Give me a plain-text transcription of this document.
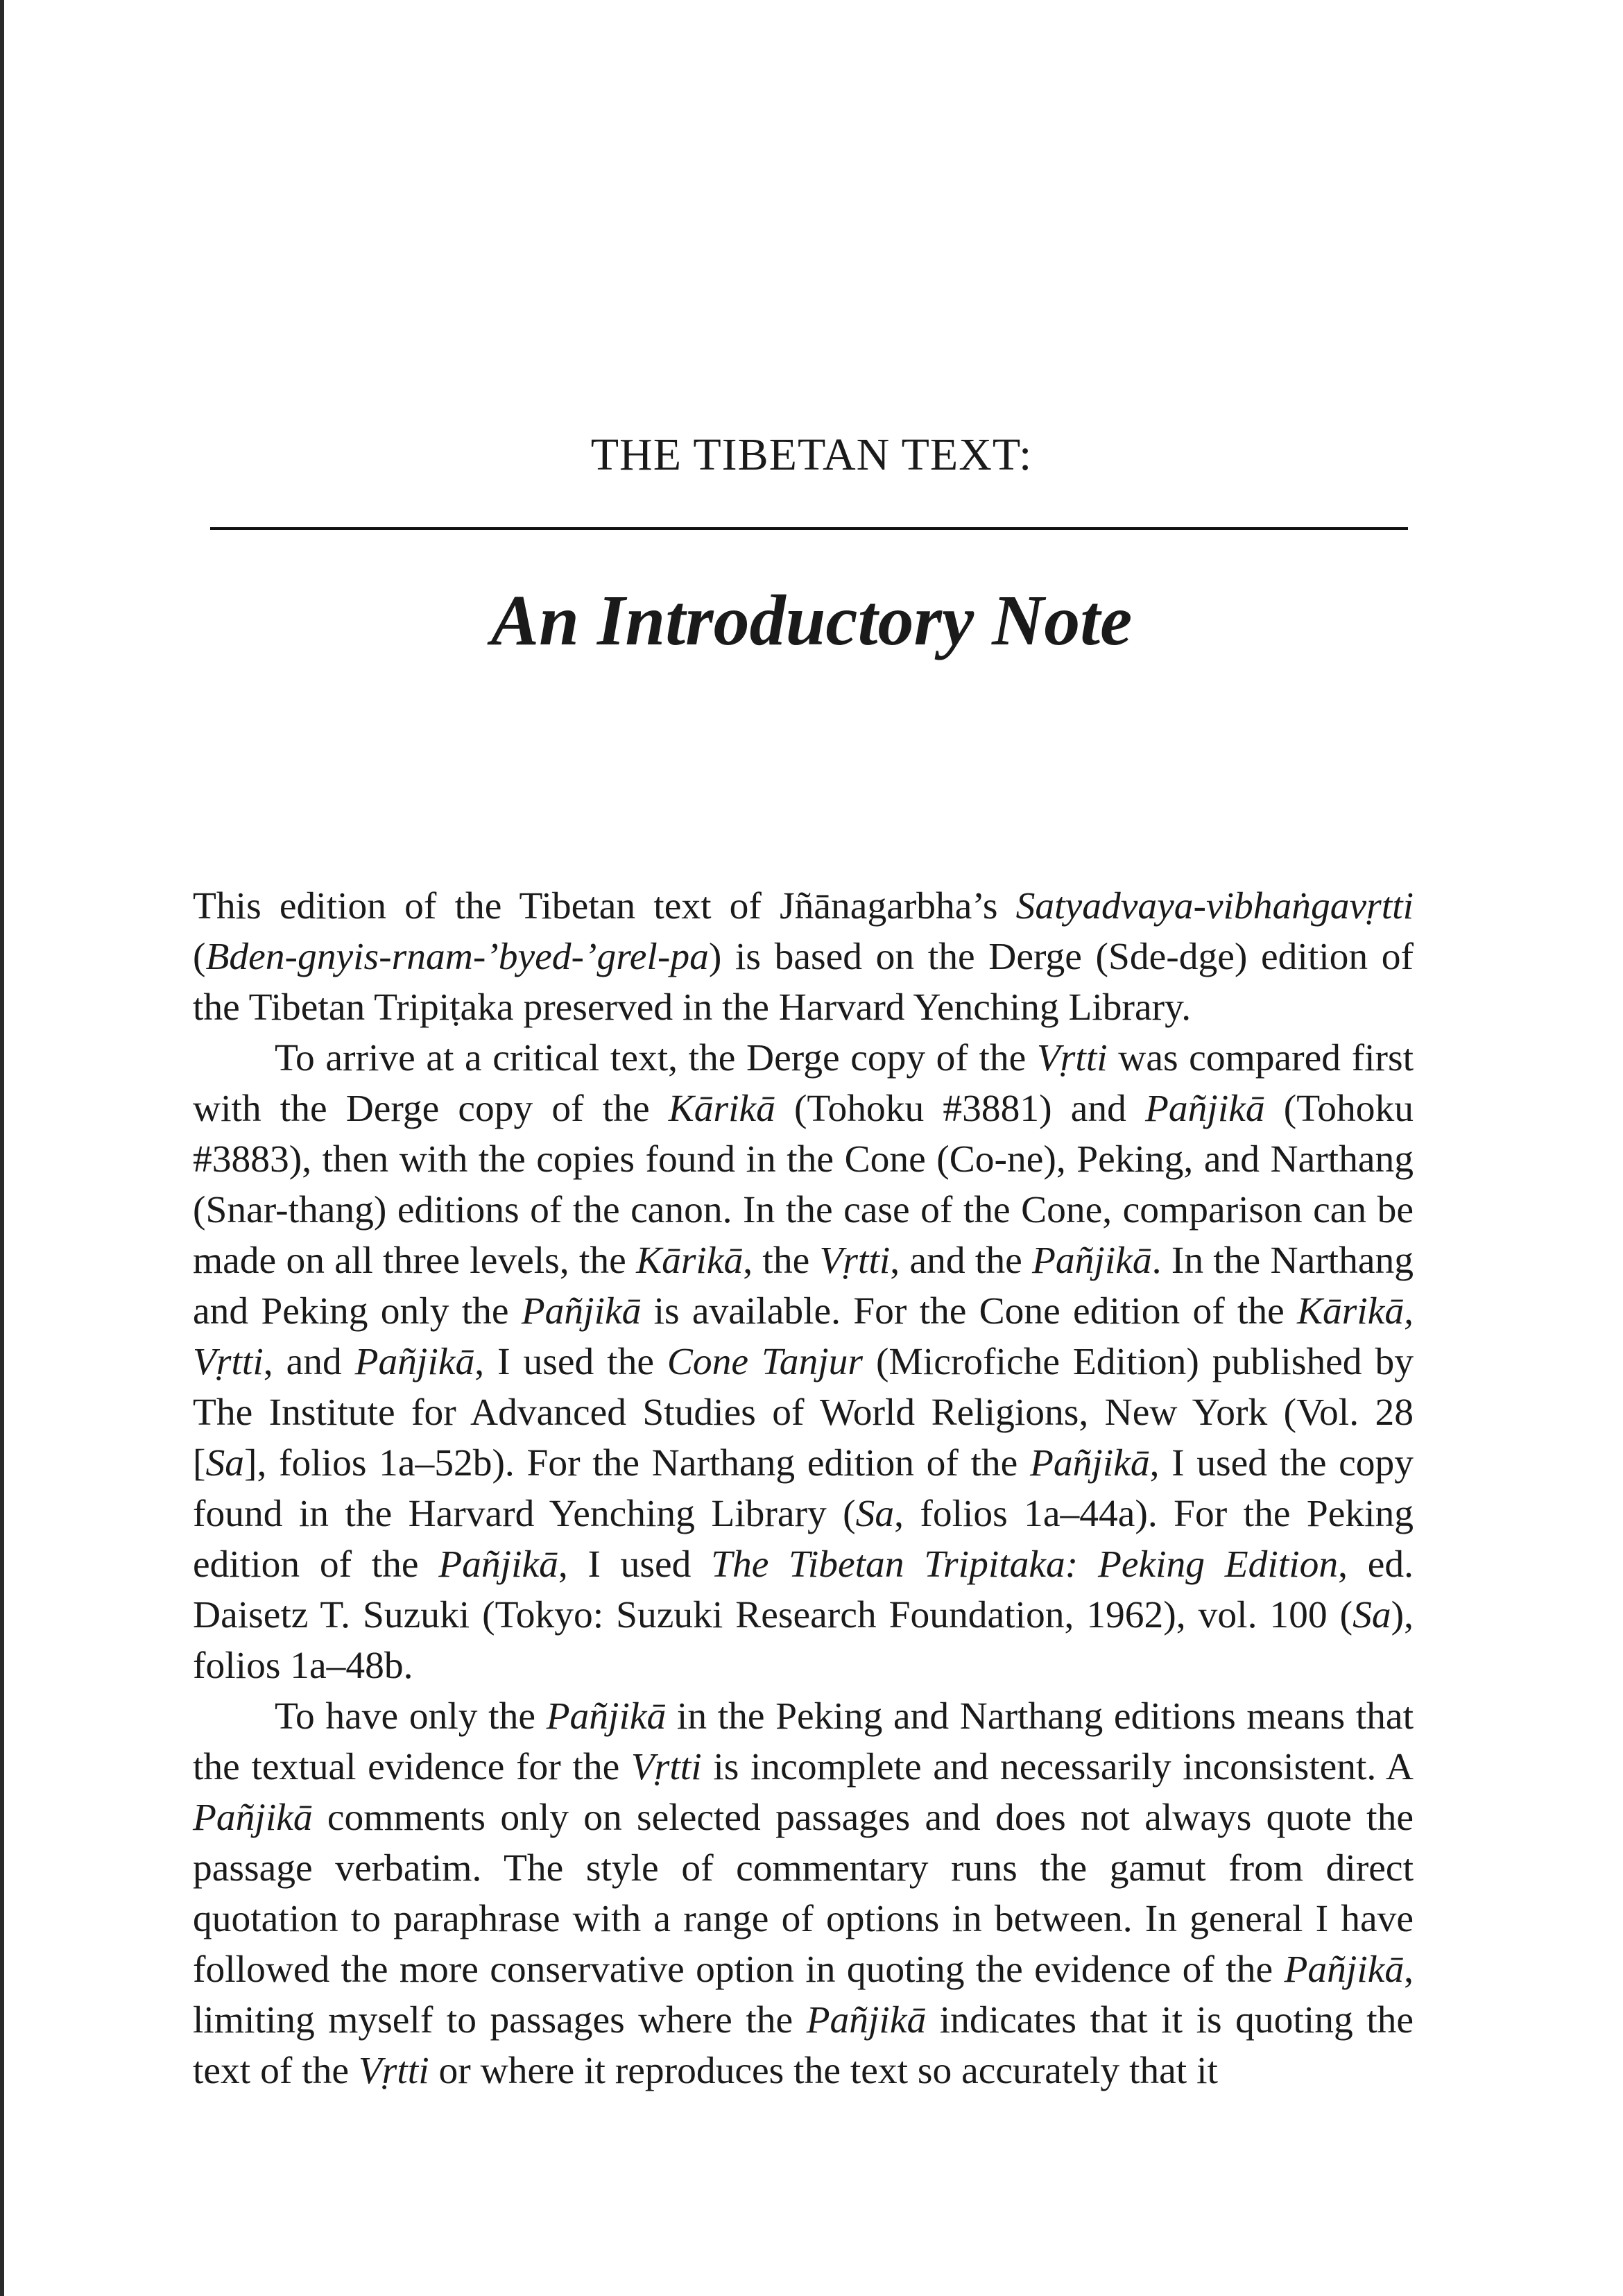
THE TIBETAN TEXT:
An Introductory Note

This edition of the Tibetan text of Jñānagarbha’s Satyadvaya-vibhaṅgavṛtti (Bden-gnyis-rnam-’byed-’grel-pa) is based on the Derge (Sde-dge) edition of the Tibetan Tripiṭaka preserved in the Harvard Yenching Library.

To arrive at a critical text, the Derge copy of the Vṛtti was compared first with the Derge copy of the Kārikā (Tohoku #3881) and Pañjikā (Tohoku #3883), then with the copies found in the Cone (Co-ne), Peking, and Narthang (Snar-thang) editions of the canon. In the case of the Cone, comparison can be made on all three levels, the Kārikā, the Vṛtti, and the Pañjikā. In the Narthang and Peking only the Pañjikā is available. For the Cone edition of the Kārikā, Vṛtti, and Pañjikā, I used the Cone Tanjur (Microfiche Edition) published by The Institute for Advanced Studies of World Religions, New York (Vol. 28 [Sa], folios 1a–52b). For the Narthang edition of the Pañjikā, I used the copy found in the Harvard Yenching Library (Sa, folios 1a–44a). For the Peking edition of the Pañjikā, I used The Tibetan Tripitaka: Peking Edition, ed. Daisetz T. Suzuki (Tokyo: Suzuki Research Foundation, 1962), vol. 100 (Sa), folios 1a–48b.

To have only the Pañjikā in the Peking and Narthang editions means that the textual evidence for the Vṛtti is incomplete and necessarily inconsistent. A Pañjikā comments only on selected passages and does not always quote the passage verbatim. The style of commentary runs the gamut from direct quotation to paraphrase with a range of options in between. In general I have followed the more conservative option in quoting the evidence of the Pañjikā, limiting myself to passages where the Pañjikā indicates that it is quoting the text of the Vṛtti or where it reproduces the text so accurately that it
